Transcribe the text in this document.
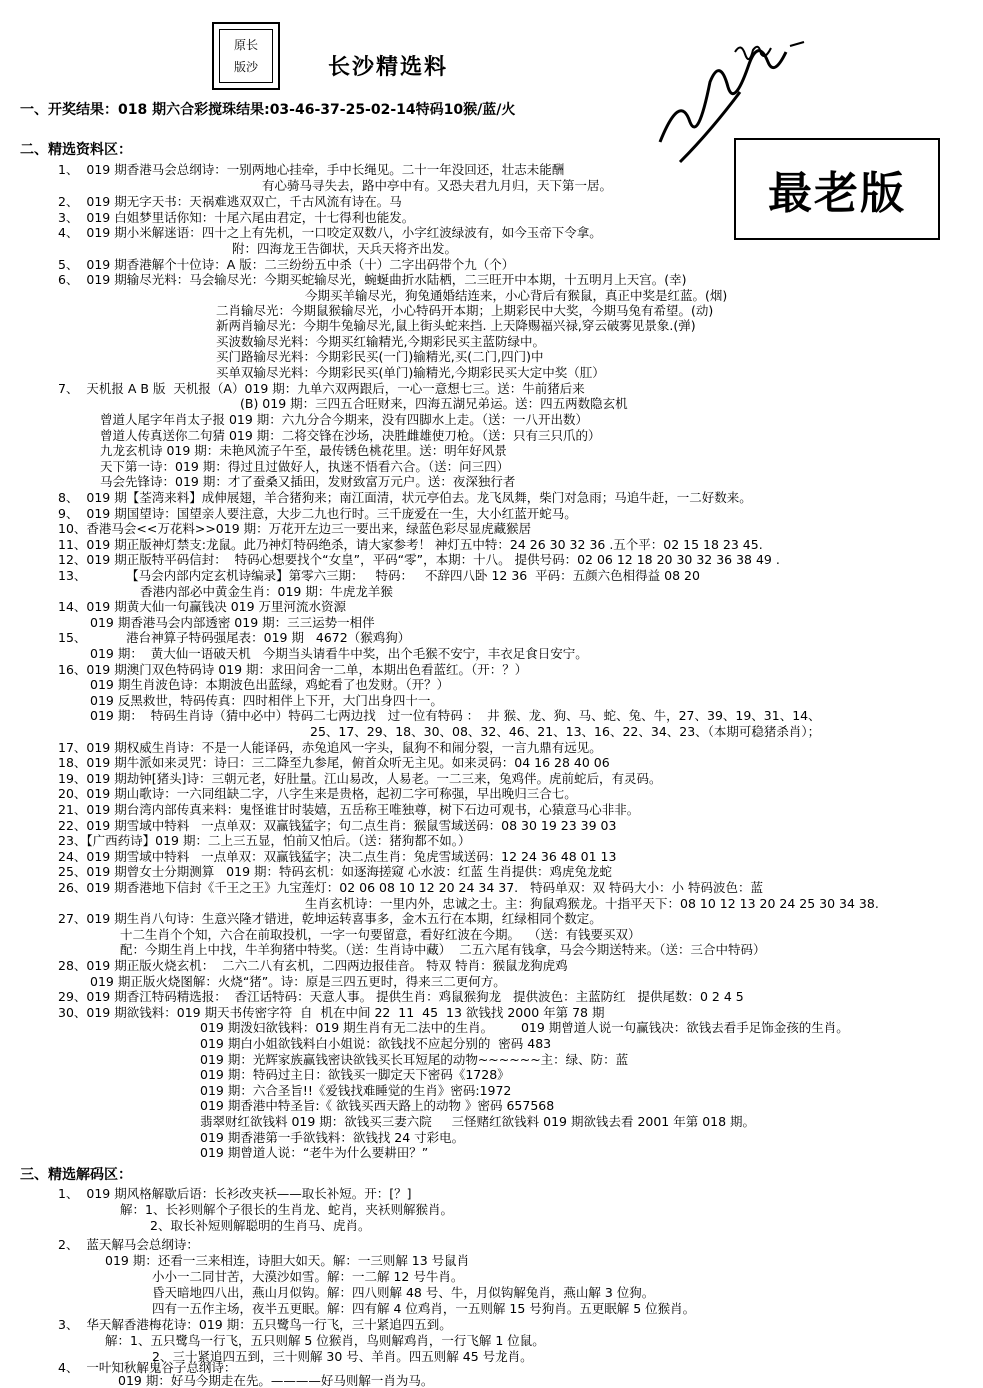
原长
版沙	长沙精选料
最老版
一、开奖结果：018 期六合彩搅珠结果:03-46-37-25-02-14特码10猴/蓝/火
二、精选资料区：
1、  019 期香港马会总纲诗：一别两地心挂牵，手中长绳见。二十一年没回还，壮志未能酬
有心骑马寻失去，路中亭中有。又恐夫君九月归，天下第一居。
2、  019 期无字天书：天祸难逃双双亡，千古风流有诗在。马
3、  019 白姐梦里话你知：十尾六尾由君定，十七得利也能发。
4、  019 期小米解迷语：四十之上有先机，一口咬定双数八，小字红波绿波有，如今玉帝下令拿。
附：四海龙王告御状，天兵天将齐出发。
5、  019 期香港解个十位诗：A 版：二三纷纷五中杀（十）二字出码带个九（个）
6、  019 期输尽光料：马会输尽光：今期买蛇输尽光，蜿蜒曲折水陆栖，二三旺开中本期，十五明月上天宫。(幸)
今期买羊输尽光，狗兔通婚结连来，小心背后有猴鼠，真正中奖是红蓝。(烟)
二肖输尽光：今期鼠猴输尽光，小心特码开本期；上期彩民中大奖，今期马兔有希望。(动)
新两肖输尽光：今期牛兔输尽光,鼠上街头蛇来挡. 上天降赐福兴禄,穿云破雾见景象.(弹)
买波数输尽光料：今期买红输精光,今期彩民买主蓝防绿中。
买门路输尽光料：今期彩民买(一门)输精光,买(二门,四门)中
买单双输尽光料：今期彩民买(单门)输精光,今期彩民买大定中奖（肛）
7、  天机报 A B 版  天机报（A）019 期：九单六双两跟后，一心一意想七三。送：牛前猪后来
(B) 019 期：三四五合旺财来，四海五湖兄弟运。送：四五两数隐玄机
曾道人尾字年肖太子报 019 期：六九分合今期来，没有四脚水上走。（送：一八开出数）
曾道人传真送你二句猜 019 期：二将交锋在沙场，决胜雌雄使刀枪。（送：只有三只爪的）
九龙玄机诗 019 期：未艳风流子午至，最传锈色桃花里。送：明年好风景
天下第一诗：019 期：得过且过做好人，执迷不悟看六合。（送：问三四）
马会先锋诗：019 期：才了蚕桑又插田，发财致富万元户。送：夜深独行者
8、  019 期【荃湾来料】成伸展翅，羊合猪狗来；南江面清，状元亭伯去。龙飞凤舞，柴门对急雨；马追牛赶，一二好数来。
9、  019 期国望诗：国望亲人要注意，大步二九也行时。三千庞爱在一生，大小红蓝开蛇马。
10、香港马会<<万花料>>019 期：万花开左边三一要出来，绿蓝色彩尽显虎藏猴居
11、019 期正版神灯禁支:龙鼠。此乃神灯特码绝杀，请大家参考！ 神灯五中特：24 26 30 32 36 .五个平：02 15 18 23 45.
12、019 期正版特平码信封：  特码心想要找个“女皇”，平码“零”，本期：十八。 提供号码：02 06 12 18 20 30 32 36 38 49 .
13、          【马会内部内定玄机诗编录】第零六三期：   特码：   不辞四八卧 12 36  平码：五颜六色相得益 08 20
香港内部必中黄金生肖：019 期：牛虎龙羊猴
14、019 期黄大仙一句赢钱决 019 万里河流水资源
019 期香港马会内部透密 019 期：三三运势一相伴
15、          港台神算子特码强尾表：019 期   4672（猴鸡狗）
019 期：  黄大仙一语破天机   今期当头请看牛中奖，出个毛猴不安宁，丰衣足食日安宁。
16、019 期澳门双色特码诗 019 期：求田问舍一二单，本期出色看蓝红。（开：？）
019 期生肖波色诗：本期波色出蓝绿，鸡蛇看了也发财。（开？）
019 反黑救世，特码传真：四时相伴上下开，大门出身四十一。
019 期：  特码生肖诗（猜中必中）特码二七两边找   过一位有特码 ：  井 猴、龙、狗、马、蛇、兔、牛，27、39、19、31、14、
25、17、29、18、30、08、32、46、21、13、16、22、34、23、（本期可稳猪杀肖）；
17、019 期权威生肖诗：不是一人能译码，赤兔追风一字头，鼠狗不和闹分裂，一言九鼎有远见。
18、019 期牛派如来灵咒：诗曰：三二降至九参尾，俯首众听无主见。如来灵码：04 16 28 40 06
19、019 期劫钟[猪头]诗：三朝元老，好肚量。江山易改，人易老。一二三来，兔鸡伴。虎前蛇后，有灵码。
20、019 期山歌诗：一六同组缺二字，八字生来是贵格，起初二字可称强，早出晚归三合七。
21、019 期台湾内部传真来料：鬼怪谁甘时装嬉，五岳称王唯独尊，树下石边可观书，心猿意马心非非。
22、019 期雪域中特料   一点单双：双赢钱猛字；句二点生肖：猴鼠雪域送码：08 30 19 23 39 03
23、【广西药诗】019 期：二上三五显，怕前又怕后。（送：猪狗都不如。）
24、019 期雪域中特料   一点单双：双赢钱猛字；决二点生肖：兔虎雪域送码：12 24 36 48 01 13
25、019 期曾女士分期测算   019 期：特码玄机：如逐海搓窥 心水波：红蓝 生肖提供：鸡虎兔龙蛇
26、019 期香港地下信封《千王之王》九宝莲灯：02 06 08 10 12 20 24 34 37.   特码单双：双 特码大小：小 特码波色：蓝
生肖玄机诗：一里内外，忠诚之士。主：狗鼠鸡猴龙。十指平天下：08 10 12 13 20 24 25 30 34 38.
27、019 期生肖八句诗：生意兴隆才错进，乾坤运转喜事多，金木五行在本期，红绿相同个数定。
十二生肖个个知，六合在前取投机，一字一句要留意，看好红波在今期。  （送：有钱要买双）
配：今期生肖上中找，牛羊狗猪中特奖。（送：生肖诗中藏）  二五六尾有钱拿，马会今期送特来。（送：三合中特码）
28、019 期正版火烧玄机：  二六二八有玄机，二四两边报佳音。 特双 特肖：猴鼠龙狗虎鸡
019 期正版火烧图解：火烧“猪”。诗：原是三四五更时，得来三二更何方。
29、019 期香江特码精选报：  香江话特码：天意人事。 提供生肖：鸡鼠猴狗龙   提供波色：主蓝防红   提供尾数：0 2 4 5
30、019 期欲钱料：019 期天书传密字符  自  机在中间 22  11  45  13 欲钱找 2000 年第 78 期
019 期泼妇欲钱料：019 期生肖有无二法中的生肖。       019 期曾道人说一句赢钱决：欲钱去看手足饰金孩的生肖。
019 期白小姐欲钱料白小姐说：欲钱找不应起分别的  密码 483
019 期：光辉家族赢钱密诀欲钱买长耳短尾的动物~~~~~~主：绿、防：蓝
019 期：特码过主日：欲钱买一脚定天下密码《1728》
019 期：六合圣旨!!《爱钱找难睡觉的生肖》密码:1972
019 期香港中特圣旨:《 欲钱买西天路上的动物 》密码 657568
翡翠财红欲钱料 019 期：欲钱买三妻六院     三怪赌红欲钱料 019 期欲钱去看 2001 年第 018 期。
019 期香港第一手欲钱料：欲钱找 24 寸彩电。
019 期曾道人说：“老牛为什么要耕田？”
三、精选解码区：
1、  019 期风格解歇后语：长衫改夹袄——取长补短。开：[？]
解：1、长衫则解个子很长的生肖龙、蛇肖，夹袄则解猴肖。
2、取长补短则解聪明的生肖马、虎肖。
2、  蓝天解马会总纲诗：
019 期：还看一三来相连，诗胆大如天。解：一三则解 13 号鼠肖
小小一二同甘苦，大漠沙如雪。解：一二解 12 号牛肖。
昏天暗地四八出，燕山月似钩。解：四八则解 48 号、牛，月似钩解兔肖，燕山解 3 位狗。
四有一五作主场，夜半五更眠。解：四有解 4 位鸡肖，一五则解 15 号狗肖。五更眠解 5 位猴肖。
3、  华天解香港梅花诗：019 期：五只鹭鸟一行飞，三十紧追四五到。
解：1、五只鹭鸟一行飞，五只则解 5 位猴肖，鸟则解鸡肖，一行飞解 1 位鼠。
2、三十紧追四五到，三十则解 30 号、羊肖。四五则解 45 号龙肖。
4、  一叶知秋解鬼谷子总纲诗：
019 期：好马今期走在先。————好马则解一肖为马。
